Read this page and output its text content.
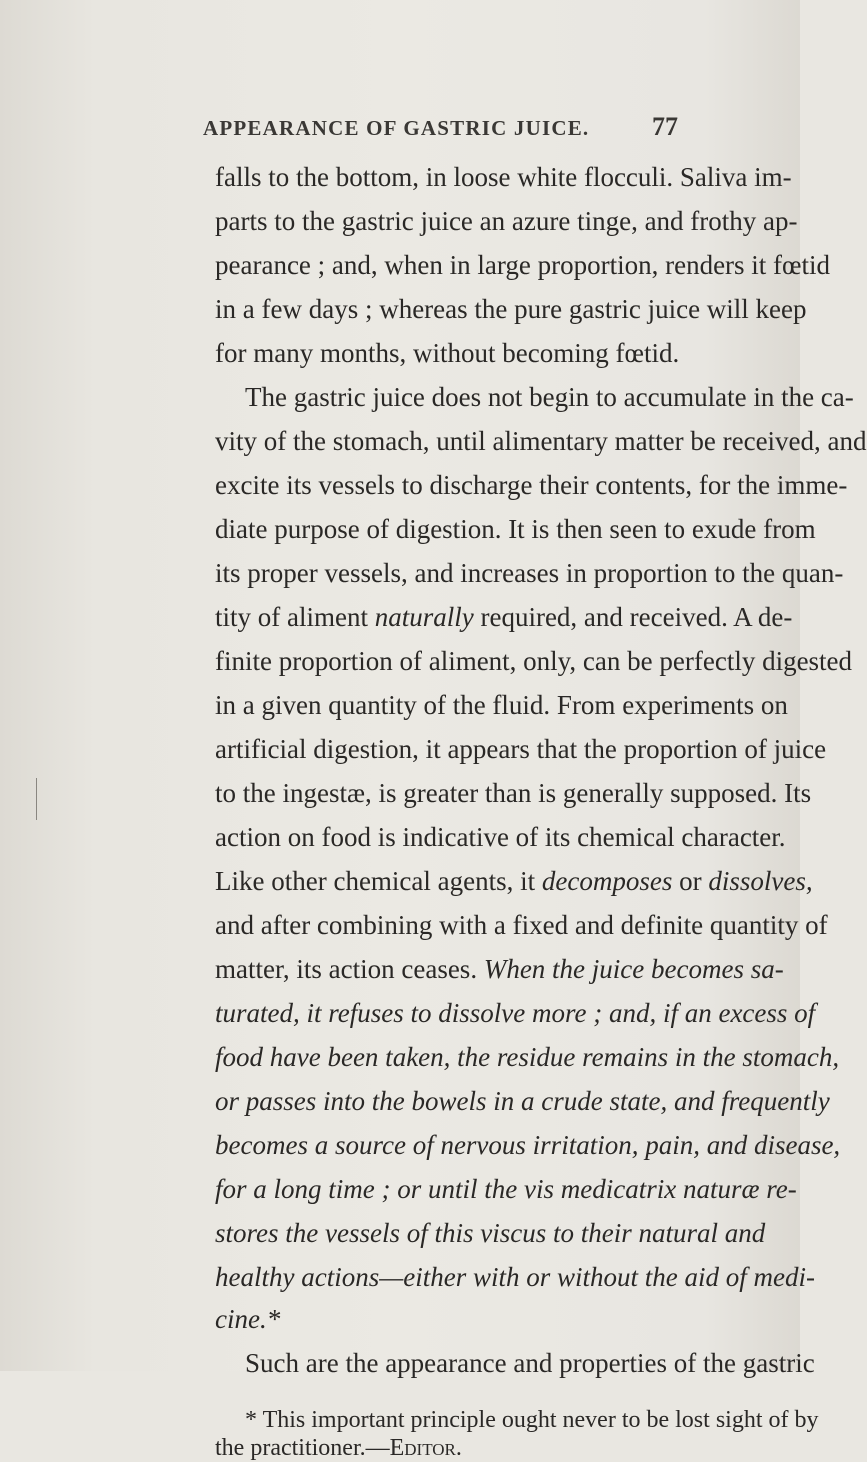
APPEARANCE OF GASTRIC JUICE. 77
falls to the bottom, in loose white flocculi. Saliva im-
parts to the gastric juice an azure tinge, and frothy ap-
pearance ; and, when in large proportion, renders it fœtid
in a few days ; whereas the pure gastric juice will keep
for many months, without becoming fœtid.
The gastric juice does not begin to accumulate in the ca-
vity of the stomach, until alimentary matter be received, and
excite its vessels to discharge their contents, for the imme-
diate purpose of digestion. It is then seen to exude from
its proper vessels, and increases in proportion to the quan-
tity of aliment naturally required, and received. A de-
finite proportion of aliment, only, can be perfectly digested
in a given quantity of the fluid. From experiments on
artificial digestion, it appears that the proportion of juice
to the ingestæ, is greater than is generally supposed. Its
action on food is indicative of its chemical character.
Like other chemical agents, it decomposes or dissolves,
and after combining with a fixed and definite quantity of
matter, its action ceases. When the juice becomes sa-
turated, it refuses to dissolve more ; and, if an excess of
food have been taken, the residue remains in the stomach,
or passes into the bowels in a crude state, and frequently
becomes a source of nervous irritation, pain, and disease,
for a long time ; or until the vis medicatrix naturæ re-
stores the vessels of this viscus to their natural and
healthy actions—either with or without the aid of medi-
cine.*
Such are the appearance and properties of the gastric
* This important principle ought never to be lost sight of by
the practitioner.—Editor.
